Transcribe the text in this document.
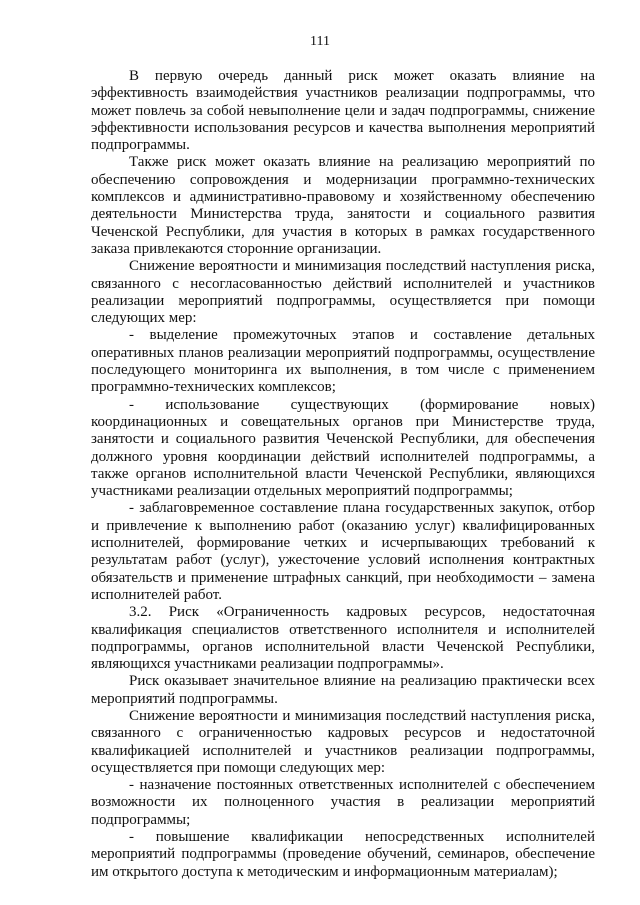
111

В первую очередь данный риск может оказать влияние на эффективность взаимодействия участников реализации подпрограммы, что может повлечь за собой невыполнение цели и задач подпрограммы, снижение эффективности использования ресурсов и качества выполнения мероприятий подпрограммы.

Также риск может оказать влияние на реализацию мероприятий по обеспечению сопровождения и модернизации программно-технических комплексов и административно-правовому и хозяйственному обеспечению деятельности Министерства труда, занятости и социального развития Чеченской Республики, для участия в которых в рамках государственного заказа привлекаются сторонние организации.

Снижение вероятности и минимизация последствий наступления риска, связанного с несогласованностью действий исполнителей и участников реализации мероприятий подпрограммы, осуществляется при помощи следующих мер:

- выделение промежуточных этапов и составление детальных оперативных планов реализации мероприятий подпрограммы, осуществление последующего мониторинга их выполнения, в том числе с применением программно-технических комплексов;

- использование существующих (формирование новых) координационных и совещательных органов при Министерстве труда, занятости и социального развития Чеченской Республики, для обеспечения должного уровня координации действий исполнителей подпрограммы, а также органов исполнительной власти Чеченской Республики, являющихся участниками реализации отдельных мероприятий подпрограммы;

- заблаговременное составление плана государственных закупок, отбор и привлечение к выполнению работ (оказанию услуг) квалифицированных исполнителей, формирование четких и исчерпывающих требований к результатам работ (услуг), ужесточение условий исполнения контрактных обязательств и применение штрафных санкций, при необходимости – замена исполнителей работ.

3.2. Риск «Ограниченность кадровых ресурсов, недостаточная квалификация специалистов ответственного исполнителя и исполнителей подпрограммы, органов исполнительной власти Чеченской Республики, являющихся участниками реализации подпрограммы».

Риск оказывает значительное влияние на реализацию практически всех мероприятий подпрограммы.

Снижение вероятности и минимизация последствий наступления риска, связанного с ограниченностью кадровых ресурсов и недостаточной квалификацией исполнителей и участников реализации подпрограммы, осуществляется при помощи следующих мер:

- назначение постоянных ответственных исполнителей с обеспечением возможности их полноценного участия в реализации мероприятий подпрограммы;

- повышение квалификации непосредственных исполнителей мероприятий подпрограммы (проведение обучений, семинаров, обеспечение им открытого доступа к методическим и информационным материалам);
